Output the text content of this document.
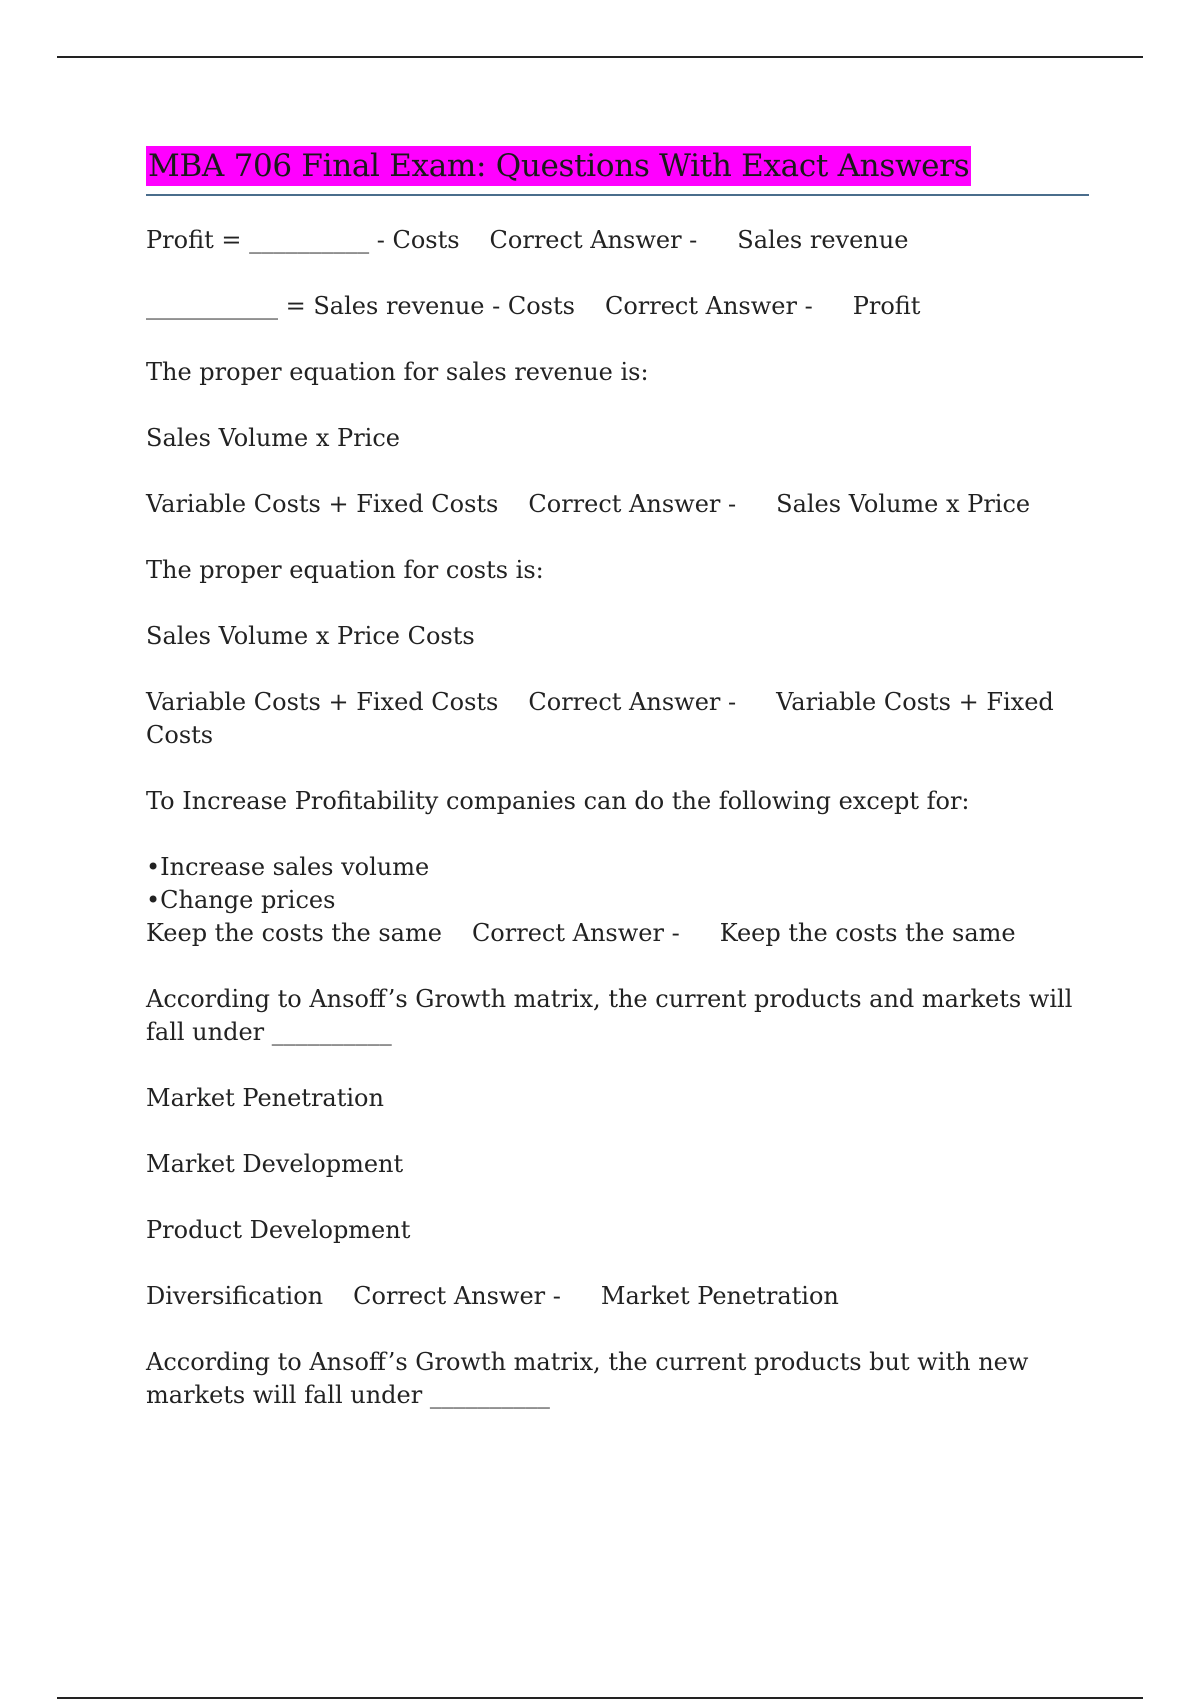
MBA 706 Final Exam: Questions With Exact Answers
Profit = __________ - Costs Correct Answer - Sales revenue
___________ = Sales revenue - Costs Correct Answer - Profit
The proper equation for sales revenue is:
Sales Volume x Price
Variable Costs + Fixed Costs Correct Answer - Sales Volume x Price
The proper equation for costs is:
Sales Volume x Price Costs
Variable Costs + Fixed Costs Correct Answer - Variable Costs + Fixed Costs
To Increase Profitability companies can do the following except for:
•Increase sales volume
•Change prices
Keep the costs the same Correct Answer - Keep the costs the same
According to Ansoff’s Growth matrix, the current products and markets will fall under __________
Market Penetration
Market Development
Product Development
Diversification Correct Answer - Market Penetration
According to Ansoff’s Growth matrix, the current products but with new markets will fall under __________
